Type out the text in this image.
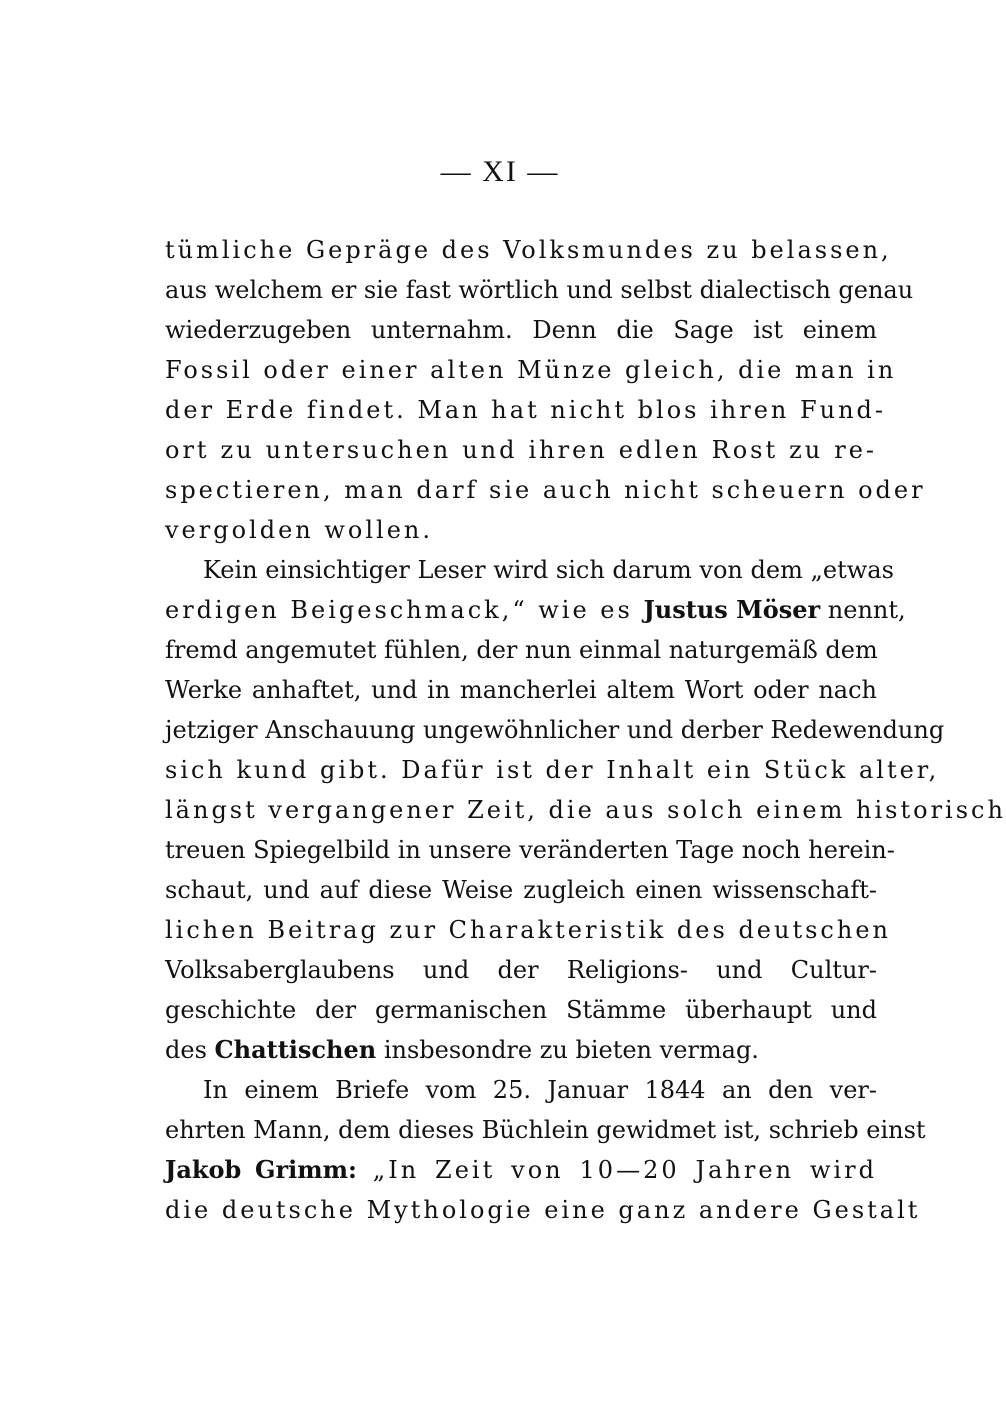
— XI —
tümliche Gepräge des Volksmundes zu belassen,
aus welchem er sie fast wörtlich und selbst dialectisch genau
wiederzugeben unternahm. Denn die Sage ist einem
Fossil oder einer alten Münze gleich, die man in
der Erde findet. Man hat nicht blos ihren Fund-
ort zu untersuchen und ihren edlen Rost zu re-
spectieren, man darf sie auch nicht scheuern oder
vergolden wollen.
Kein einsichtiger Leser wird sich darum von dem „etwas
erdigen Beigeschmack,“ wie es Justus Möser nennt,
fremd angemutet fühlen, der nun einmal naturgemäß dem
Werke anhaftet, und in mancherlei altem Wort oder nach
jetziger Anschauung ungewöhnlicher und derber Redewendung
sich kund gibt. Dafür ist der Inhalt ein Stück alter,
längst vergangener Zeit, die aus solch einem historisch
treuen Spiegelbild in unsere veränderten Tage noch herein-
schaut, und auf diese Weise zugleich einen wissenschaft-
lichen Beitrag zur Charakteristik des deutschen
Volksaberglaubens und der Religions- und Cultur-
geschichte der germanischen Stämme überhaupt und
des Chattischen insbesondre zu bieten vermag.
In einem Briefe vom 25. Januar 1844 an den ver-
ehrten Mann, dem dieses Büchlein gewidmet ist, schrieb einst
Jakob Grimm: „In Zeit von 10—20 Jahren wird
die deutsche Mythologie eine ganz andere Gestalt
